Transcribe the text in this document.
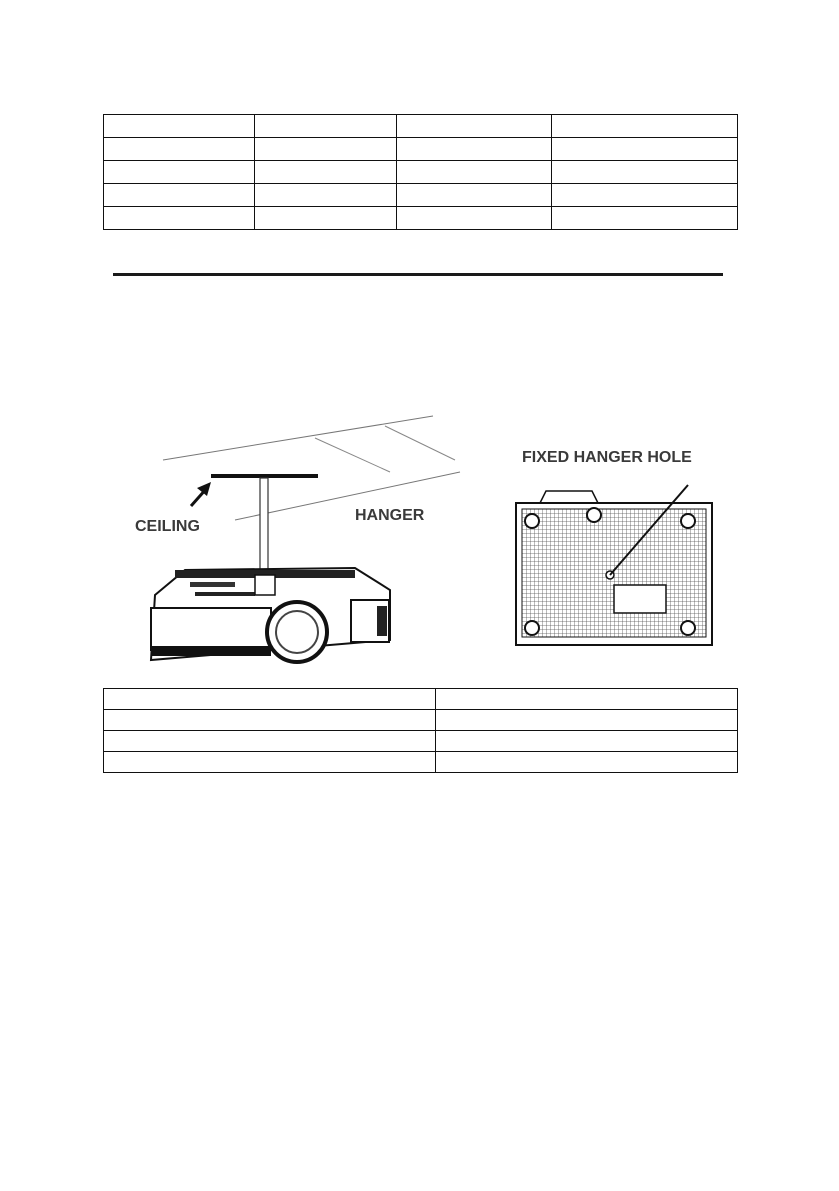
CEILING
HANGER
FIXED HANGER HOLE
